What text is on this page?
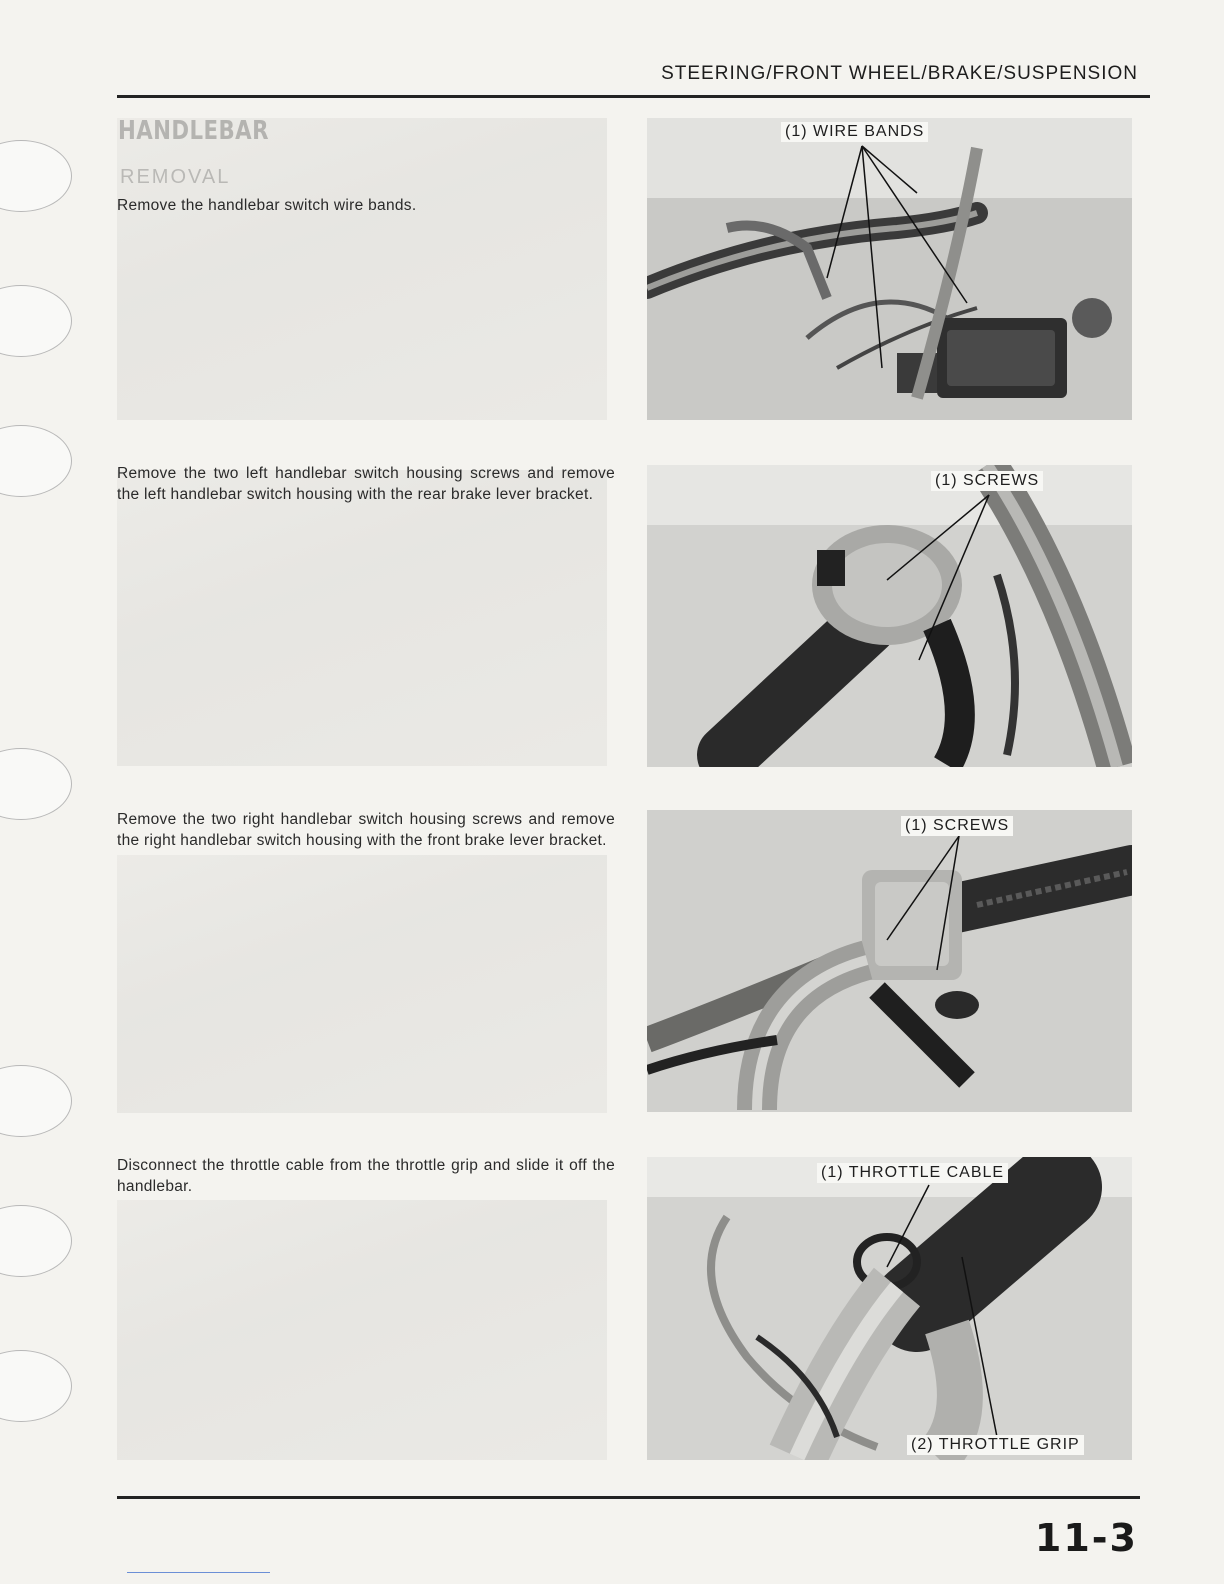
STEERING/FRONT WHEEL/BRAKE/SUSPENSION
Remove the handlebar switch wire bands.
Remove the two left handlebar switch housing screws and remove the left handlebar switch housing with the rear brake lever bracket.
Remove the two right handlebar switch housing screws and remove the right handlebar switch housing with the front brake lever bracket.
Disconnect the throttle cable from the throttle grip and slide it off the handlebar.
(1) WIRE BANDS
(1) SCREWS
(1) SCREWS
(1) THROTTLE CABLE
(2) THROTTLE GRIP
11-3
